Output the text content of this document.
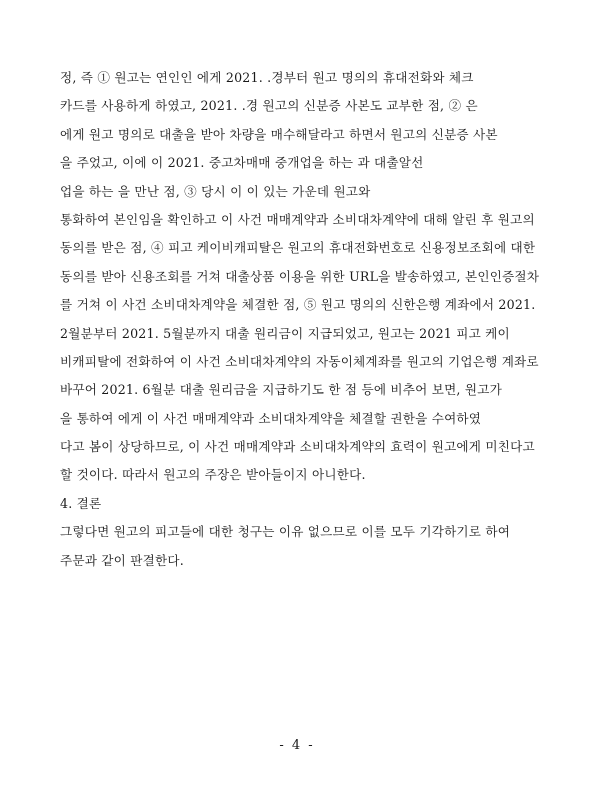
정, 즉 ① 원고는 연인인 에게 2021. .경부터 원고 명의의 휴대전화와 체크
카드를 사용하게 하였고, 2021. .경 원고의 신분증 사본도 교부한 점, ② 은
에게 원고 명의로 대출을 받아 차량을 매수해달라고 하면서 원고의 신분증 사본
을 주었고, 이에 이 2021. 중고차매매 중개업을 하는 과 대출알선
업을 하는 을 만난 점, ③ 당시 이 이 있는 가운데 원고와
통화하여 본인임을 확인하고 이 사건 매매계약과 소비대차계약에 대해 알린 후 원고의
동의를 받은 점, ④ 피고 케이비캐피탈은 원고의 휴대전화번호로 신용정보조회에 대한
동의를 받아 신용조회를 거쳐 대출상품 이용을 위한 URL을 발송하였고, 본인인증절차
를 거쳐 이 사건 소비대차계약을 체결한 점, ⑤ 원고 명의의 신한은행 계좌에서 2021.
2월분부터 2021. 5월분까지 대출 원리금이 지급되었고, 원고는 2021 피고 케이
비캐피탈에 전화하여 이 사건 소비대차계약의 자동이체계좌를 원고의 기업은행 계좌로
바꾸어 2021. 6월분 대출 원리금을 지급하기도 한 점 등에 비추어 보면, 원고가
을 통하여 에게 이 사건 매매계약과 소비대차계약을 체결할 권한을 수여하였
다고 봄이 상당하므로, 이 사건 매매계약과 소비대차계약의 효력이 원고에게 미친다고
할 것이다. 따라서 원고의 주장은 받아들이지 아니한다.
4. 결론
그렇다면 원고의 피고들에 대한 청구는 이유 없으므로 이를 모두 기각하기로 하여
주문과 같이 판결한다.
- 4 -
